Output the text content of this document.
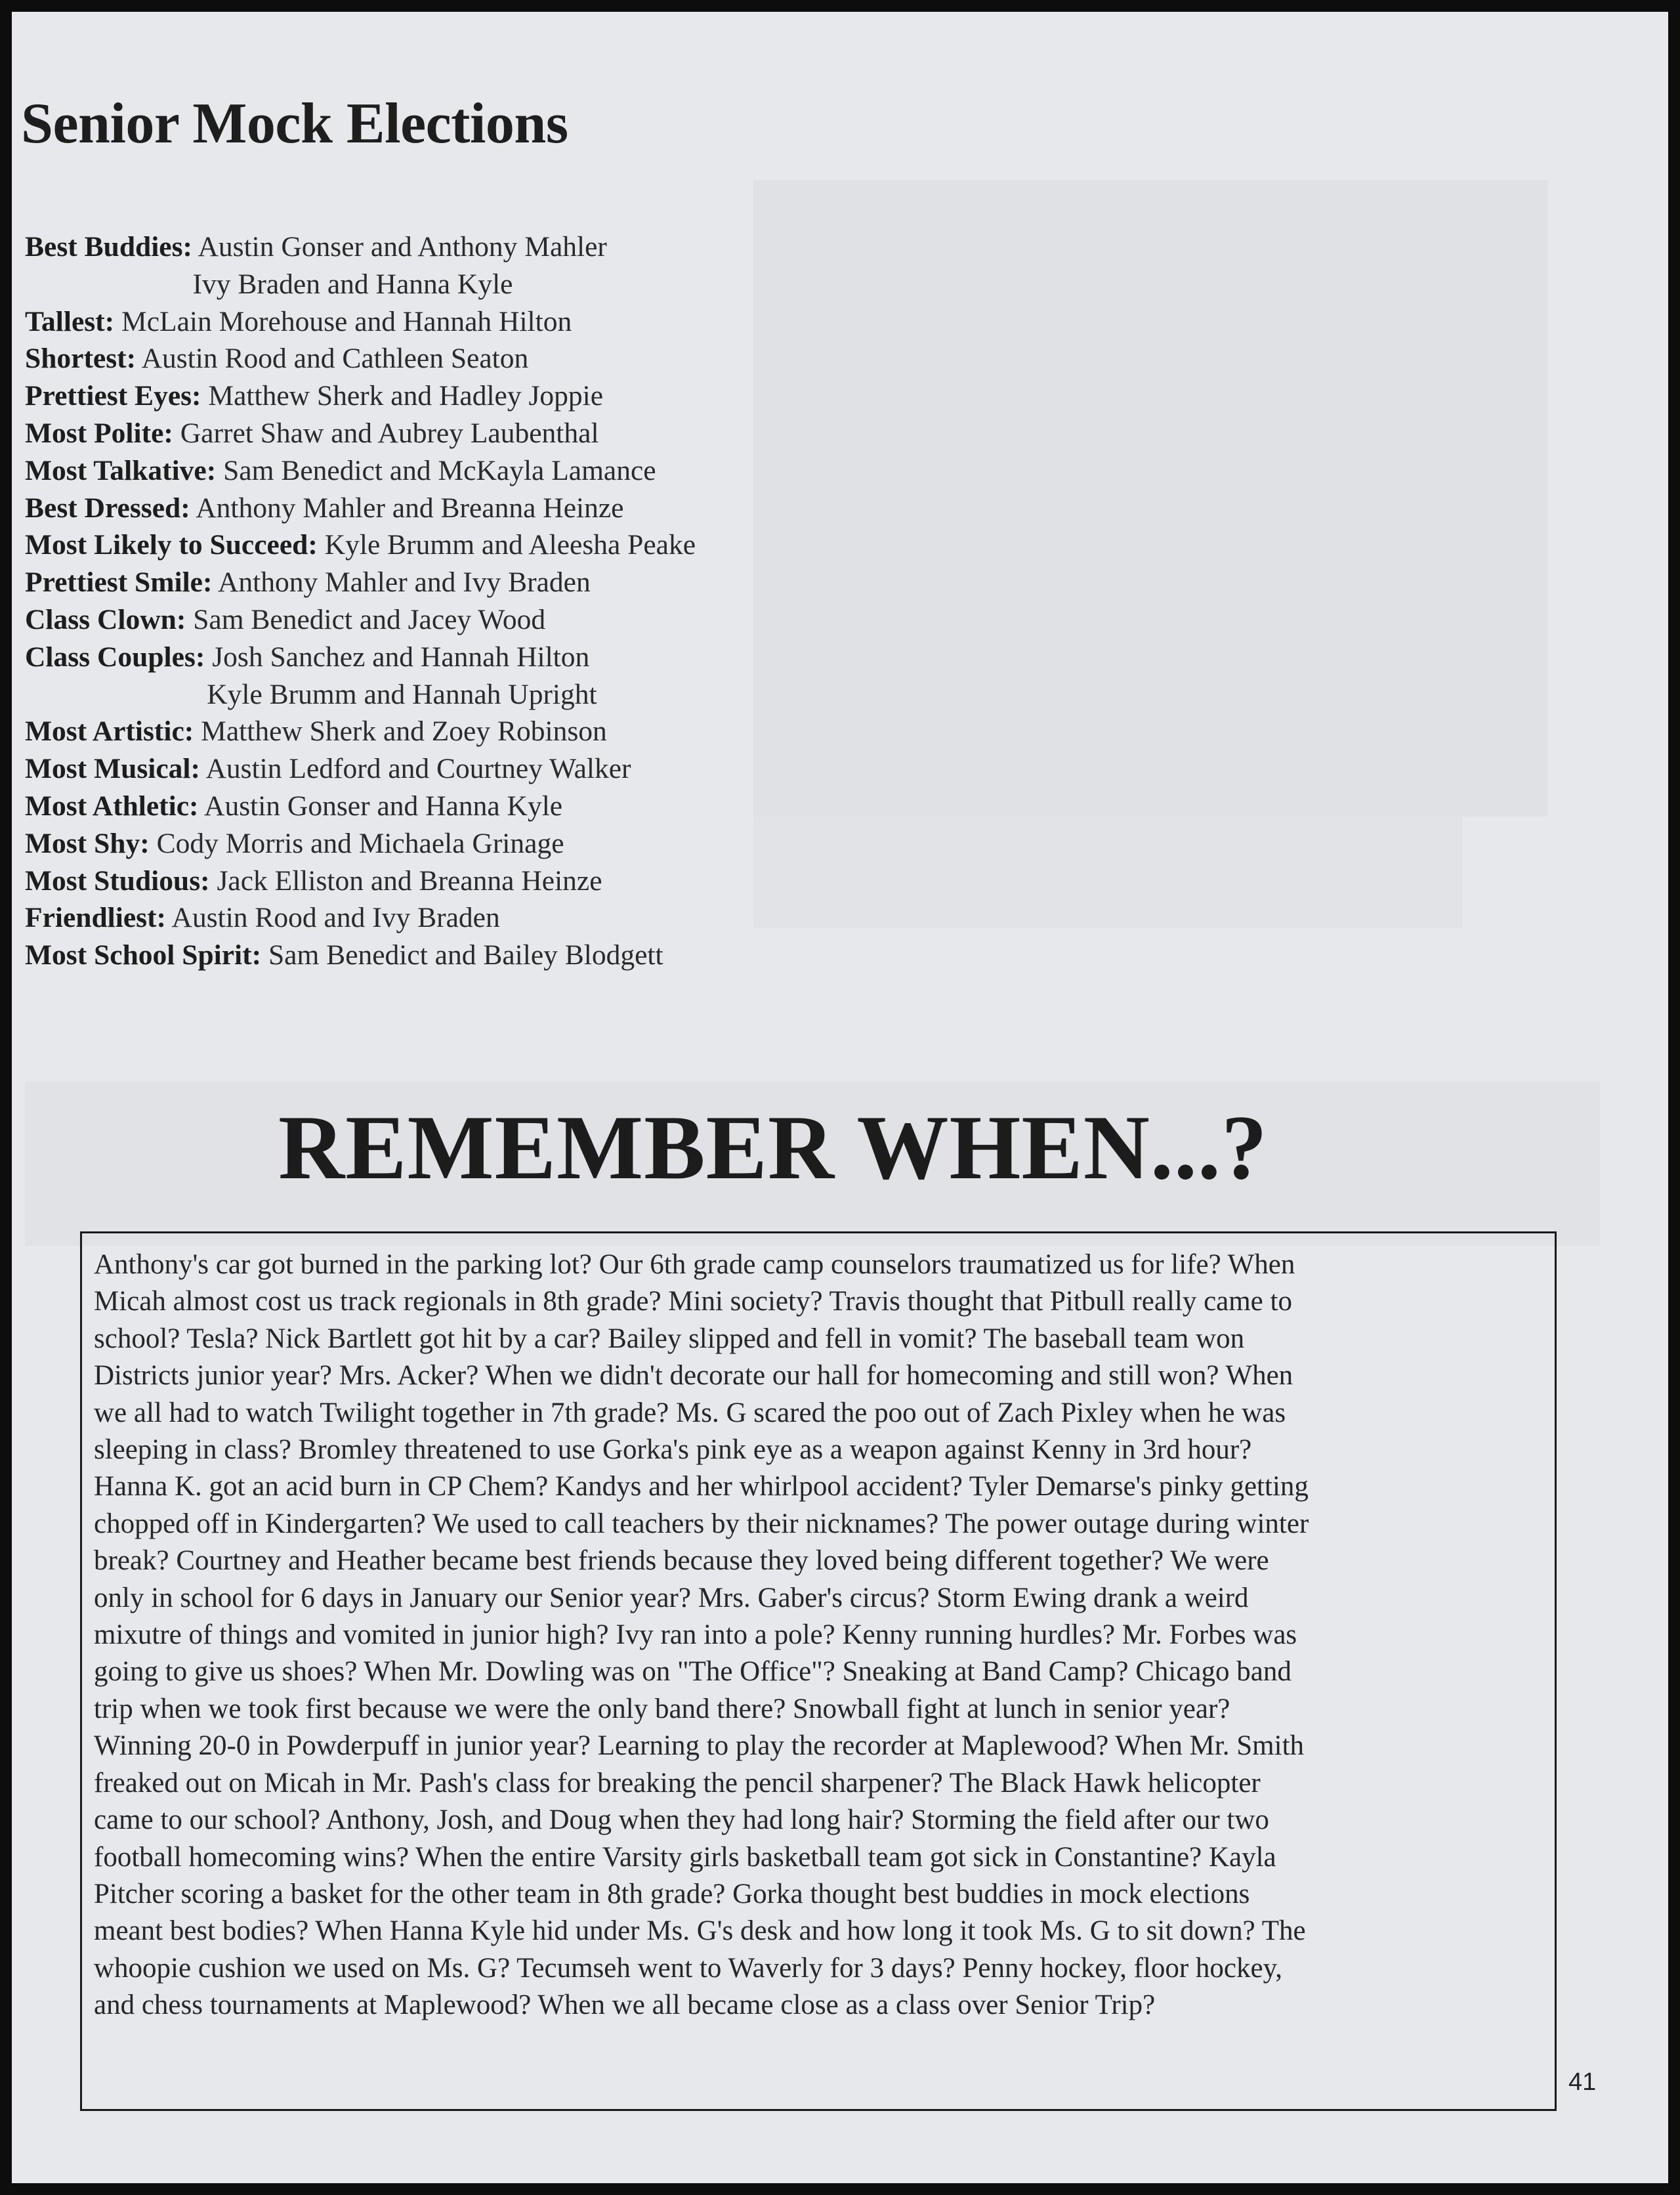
Senior Mock Elections
Best Buddies: Austin Gonser and Anthony Mahler
Ivy Braden and Hanna Kyle
Tallest: McLain Morehouse and Hannah Hilton
Shortest: Austin Rood and Cathleen Seaton
Prettiest Eyes: Matthew Sherk and Hadley Joppie
Most Polite: Garret Shaw and Aubrey Laubenthal
Most Talkative: Sam Benedict and McKayla Lamance
Best Dressed: Anthony Mahler and Breanna Heinze
Most Likely to Succeed: Kyle Brumm and Aleesha Peake
Prettiest Smile: Anthony Mahler and Ivy Braden
Class Clown: Sam Benedict and Jacey Wood
Class Couples: Josh Sanchez and Hannah Hilton
Kyle Brumm and Hannah Upright
Most Artistic: Matthew Sherk and Zoey Robinson
Most Musical: Austin Ledford and Courtney Walker
Most Athletic: Austin Gonser and Hanna Kyle
Most Shy: Cody Morris and Michaela Grinage
Most Studious: Jack Elliston and Breanna Heinze
Friendliest: Austin Rood and Ivy Braden
Most School Spirit: Sam Benedict and Bailey Blodgett
REMEMBER WHEN...?
Anthony's car got burned in the parking lot? Our 6th grade camp counselors traumatized us for life? When
Micah almost cost us track regionals in 8th grade? Mini society? Travis thought that Pitbull really came to
school? Tesla? Nick Bartlett got hit by a car? Bailey slipped and fell in vomit? The baseball team won
Districts junior year? Mrs. Acker? When we didn't decorate our hall for homecoming and still won? When
we all had to watch Twilight together in 7th grade? Ms. G scared the poo out of Zach Pixley when he was
sleeping in class? Bromley threatened to use Gorka's pink eye as a weapon against Kenny in 3rd hour?
Hanna K. got an acid burn in CP Chem? Kandys and her whirlpool accident? Tyler Demarse's pinky getting
chopped off in Kindergarten? We used to call teachers by their nicknames? The power outage during winter
break? Courtney and Heather became best friends because they loved being different together? We were
only in school for 6 days in January our Senior year? Mrs. Gaber's circus? Storm Ewing drank a weird
mixutre of things and vomited in junior high? Ivy ran into a pole? Kenny running hurdles? Mr. Forbes was
going to give us shoes? When Mr. Dowling was on "The Office"? Sneaking at Band Camp? Chicago band
trip when we took first because we were the only band there? Snowball fight at lunch in senior year?
Winning 20-0 in Powderpuff in junior year? Learning to play the recorder at Maplewood? When Mr. Smith
freaked out on Micah in Mr. Pash's class for breaking the pencil sharpener? The Black Hawk helicopter
came to our school? Anthony, Josh, and Doug when they had long hair? Storming the field after our two
football homecoming wins? When the entire Varsity girls basketball team got sick in Constantine? Kayla
Pitcher scoring a basket for the other team in 8th grade? Gorka thought best buddies in mock elections
meant best bodies? When Hanna Kyle hid under Ms. G's desk and how long it took Ms. G to sit down? The
whoopie cushion we used on Ms. G? Tecumseh went to Waverly for 3 days? Penny hockey, floor hockey,
and chess tournaments at Maplewood? When we all became close as a class over Senior Trip?
41
